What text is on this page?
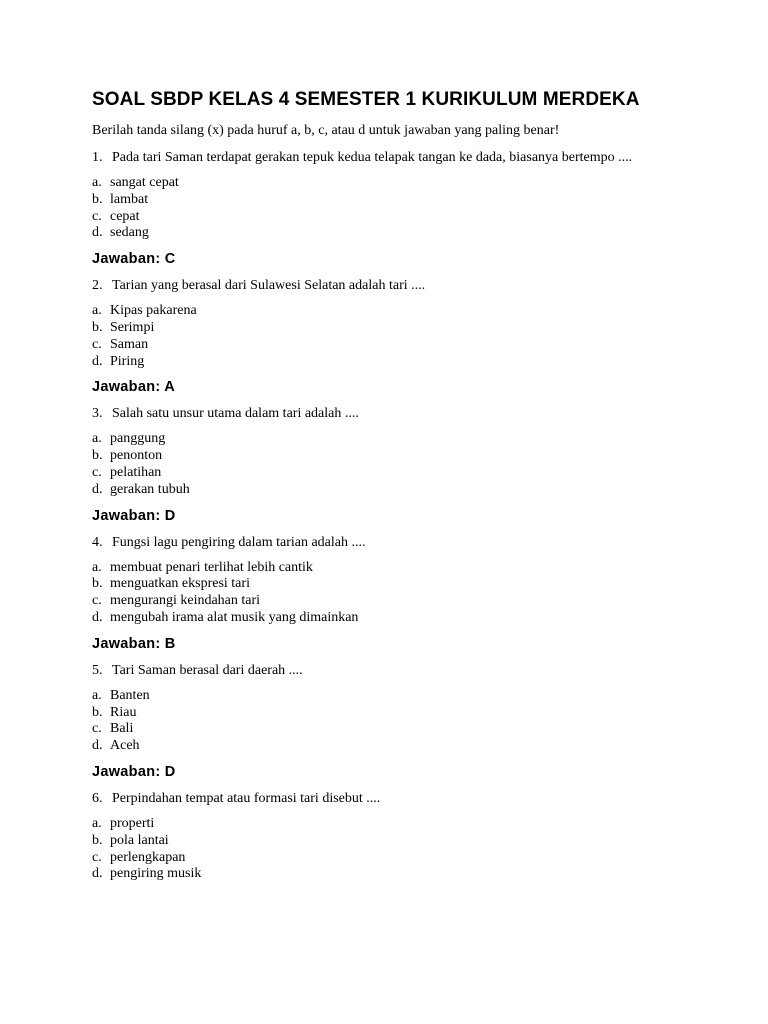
SOAL SBDP KELAS 4 SEMESTER 1 KURIKULUM MERDEKA

Berilah tanda silang (x) pada huruf a, b, c, atau d untuk jawaban yang paling benar!

1. Pada tari Saman terdapat gerakan tepuk kedua telapak tangan ke dada, biasanya bertempo ....

a. sangat cepat
b. lambat
c. cepat
d. sedang

Jawaban: C

2. Tarian yang berasal dari Sulawesi Selatan adalah tari ....

a. Kipas pakarena
b. Serimpi
c. Saman
d. Piring

Jawaban: A

3. Salah satu unsur utama dalam tari adalah ....

a. panggung
b. penonton
c. pelatihan
d. gerakan tubuh

Jawaban: D

4. Fungsi lagu pengiring dalam tarian adalah ....

a. membuat penari terlihat lebih cantik
b. menguatkan ekspresi tari
c. mengurangi keindahan tari
d. mengubah irama alat musik yang dimainkan

Jawaban: B

5. Tari Saman berasal dari daerah ....

a. Banten
b. Riau
c. Bali
d. Aceh

Jawaban: D

6. Perpindahan tempat atau formasi tari disebut ....

a. properti
b. pola lantai
c. perlengkapan
d. pengiring musik
